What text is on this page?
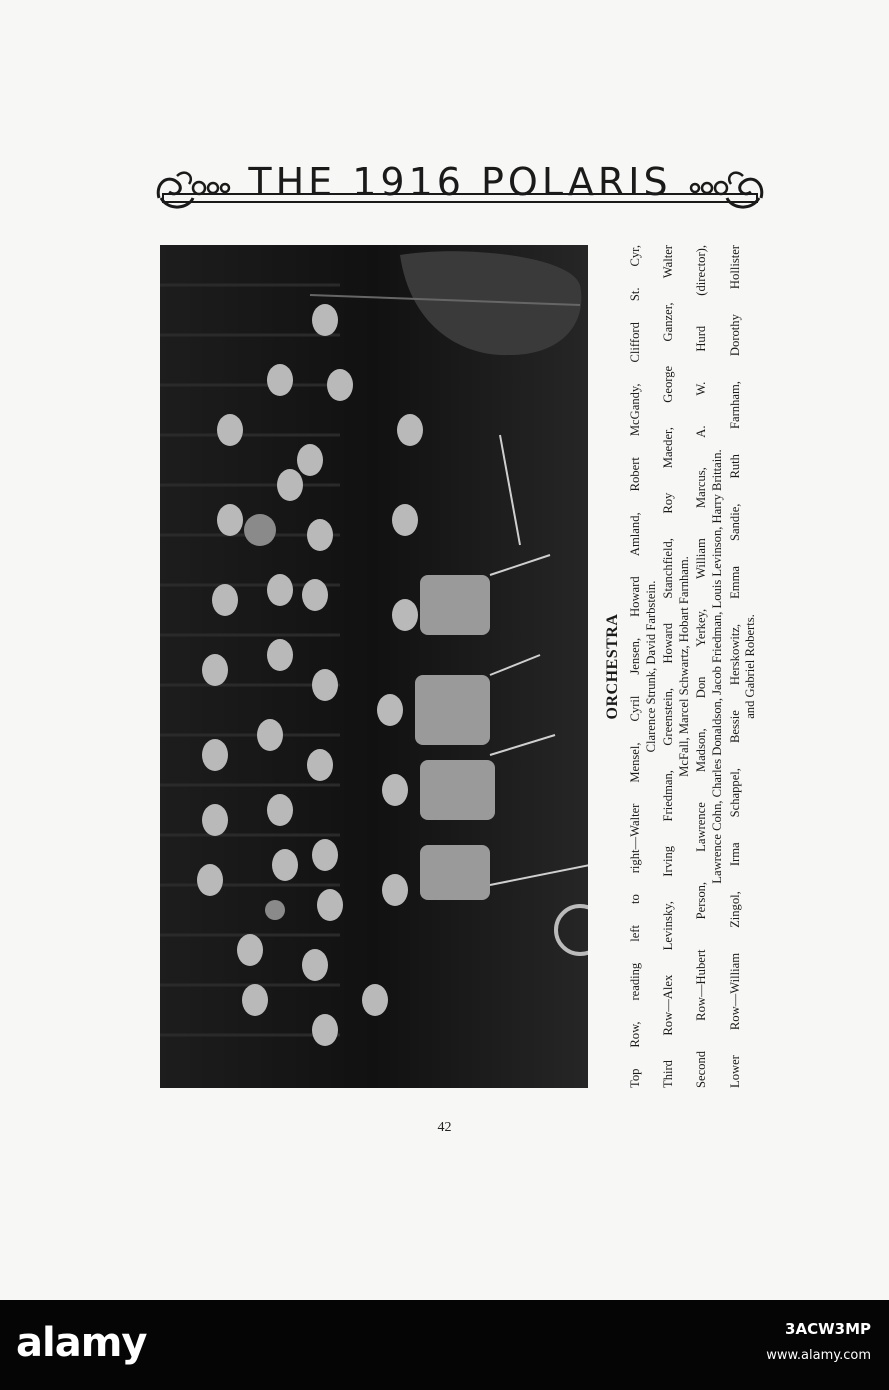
THE 1916 POLARIS
ORCHESTRA Top Row, reading left to right—Walter Mensel, Cyril Jensen, Howard Amland, Robert McGandy, Clifford St. Cyr, Clarence Strunk, David Farbstein. Third Row—Alex Levinsky, Irving Friedman, Greenstein, Howard Stanchfield, Roy Maeder, George Ganzer, Walter McFall, Marcel Schwartz, Hobart Farnham. Second Row—Hubert Person, Lawrence Madson, Don Yerkey, William Marcus, A. W. Hurd (director), Lawrence Cohn, Charles Donaldson, Jacob Friedman, Louis Levinson, Harry Brittain. Lower Row—William Zingol, Irma Schappel, Bessie Herskowitz, Emma Sandie, Ruth Farnham, Dorothy Hollister and Gabriel Roberts.
42
alamy	3ACW3MP
www.alamy.com
